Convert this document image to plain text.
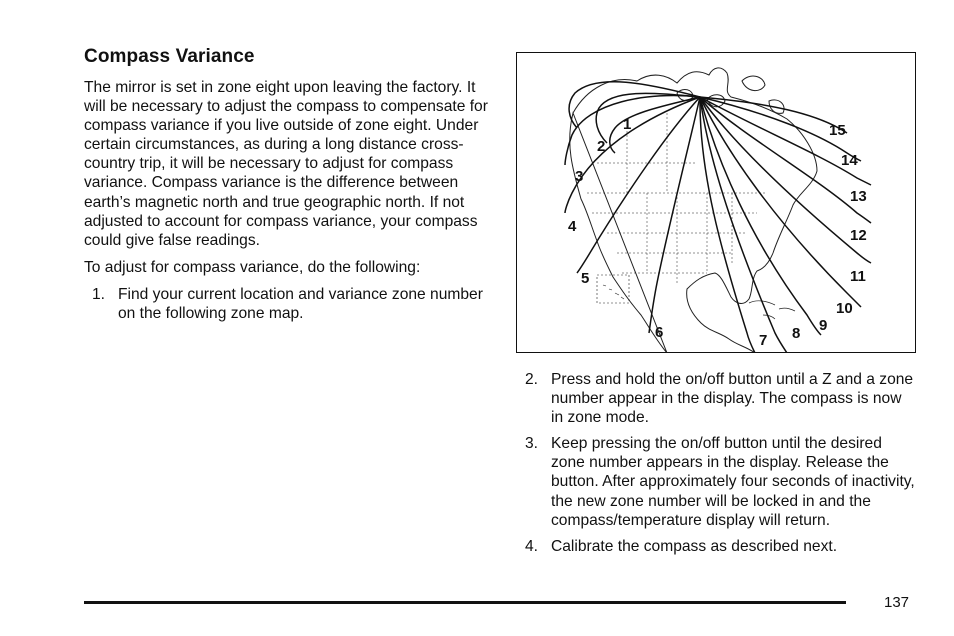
Compass Variance

The mirror is set in zone eight upon leaving the factory. It will be necessary to adjust the compass to compensate for compass variance if you live outside of zone eight. Under certain circumstances, as during a long distance cross-country trip, it will be necessary to adjust for compass variance. Compass variance is the difference between earth’s magnetic north and true geographic north. If not adjusted to account for compass variance, your compass could give false readings.

To adjust for compass variance, do the following:

1. Find your current location and variance zone number on the following zone map.
1
2
3
4
5
6	7 8 9
10
11
12
13
14
15
2. Press and hold the on/off button until a Z and a zone number appear in the display. The compass is now in zone mode.
3. Keep pressing the on/off button until the desired zone number appears in the display. Release the button. After approximately four seconds of inactivity, the new zone number will be locked in and the compass/temperature display will return.
4. Calibrate the compass as described next.
137
